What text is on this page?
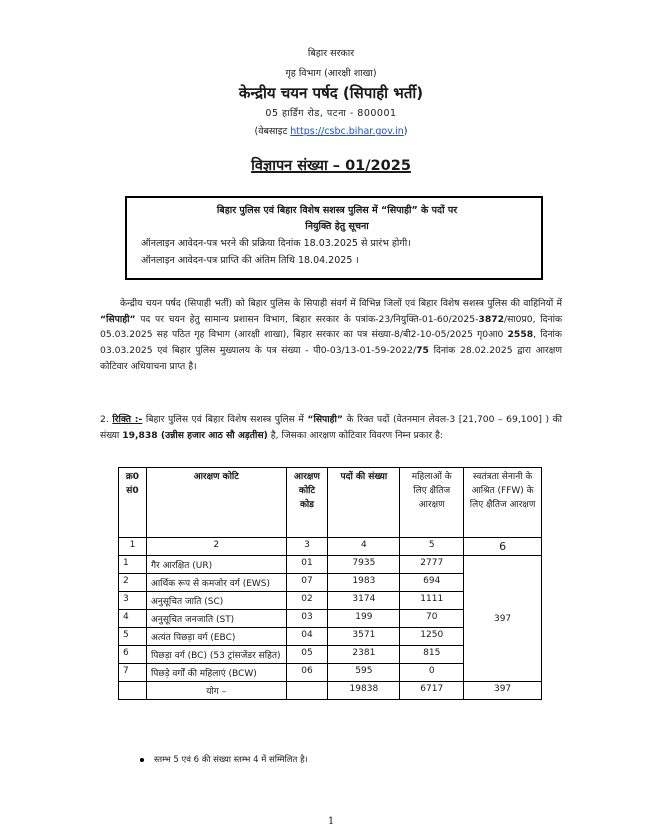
बिहार सरकार
गृह विभाग (आरक्षी शाखा)
केन्द्रीय चयन पर्षद (सिपाही भर्ती)
05 हार्डिंग रोड, पटना - 800001
(वेबसाइट https://csbc.bihar.gov.in)
विज्ञापन संख्या – 01/2025
बिहार पुलिस एवं बिहार विशेष सशस्त्र पुलिस में “सिपाही” के पदों पर
नियुक्ति हेतु सूचना
ऑनलाइन आवेदन-पत्र भरने की प्रक्रिया दिनांक 18.03.2025 से प्रारंभ होगी।
ऑनलाइन आवेदन-पत्र प्राप्ति की अंतिम तिथि 18.04.2025 ।
केन्द्रीय चयन पर्षद (सिपाही भर्ती) को बिहार पुलिस के सिपाही संवर्ग में विभिन्न जिलों एवं बिहार विशेष सशस्त्र पुलिस की वाहिनियों में “सिपाही” पद पर चयन हेतु सामान्य प्रशासन विभाग, बिहार सरकार के पत्रांक-23/नियुक्ति-01-60/2025-3872/सा0प्र0, दिनांक 05.03.2025 सह पठित गृह विभाग (आरक्षी शाखा), बिहार सरकार का पत्र संख्या-8/बी2-10-05/2025 गृ0आ0 2558, दिनांक 03.03.2025 एवं बिहार पुलिस मुख्यालय के पत्र संख्या - पी0-03/13-01-59-2022/75 दिनांक 28.02.2025 द्वारा आरक्षण कोटिवार अधियाचना प्राप्त है।
2. रिक्ति :- बिहार पुलिस एवं बिहार विशेष सशस्त्र पुलिस में “सिपाही” के रिक्त पदों (वेतनमान लेवल-3 [21,700 – 69,100] ) की संख्या 19,838 (उन्नीस हजार आठ सौ अड़तीस) है, जिसका आरक्षण कोटिवार विवरण निम्न प्रकार है:
क्र0 सं0	आरक्षण कोटि	आरक्षण कोटि कोड	पदों की संख्या	महिलाओं के लिए क्षैतिज आरक्षण	स्वतंत्रता सेनानी के आश्रित (FFW) के लिए क्षैतिज आरक्षण
1	2	3	4	5	6
1	गैर आरक्षित (UR)	01	7935	2777	397
2	आर्थिक रूप से कमजोर वर्ग (EWS)	07	1983	694	
3	अनुसूचित जाति (SC)	02	3174	1111	
4	अनुसूचित जनजाति (ST)	03	199	70	
5	अत्यंत पिछड़ा वर्ग (EBC)	04	3571	1250	
6	पिछड़ा वर्ग (BC) (53 ट्रांसजेंडर सहित)	05	2381	815	
7	पिछड़े वर्गों की महिलाएं (BCW)	06	595	0	
	योग –		19838	6717	397
स्तम्भ 5 एवं 6 की संख्या स्तम्भ 4 में सम्मिलित है।
1
